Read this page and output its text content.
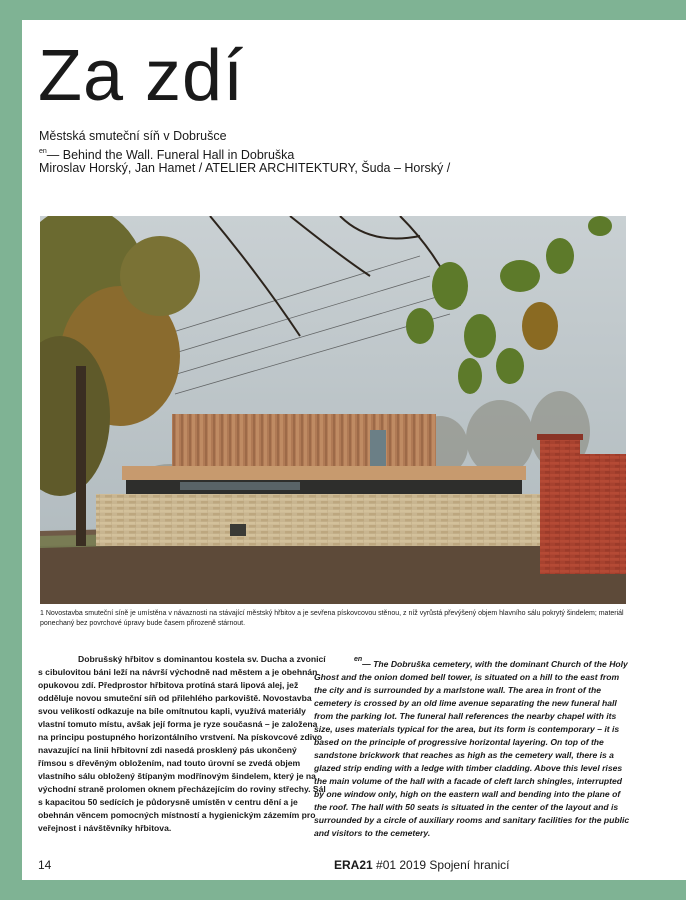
Za zdí
Městská smuteční síň v Dobrušce
$^{en}$— Behind the Wall. Funeral Hall in Dobruška
Miroslav Horský, Jan Hamet / ATELIER ARCHITEKTURY, Šuda – Horský /
1 Novostavba smuteční síně je umístěna v návaznosti na stávající městský hřbitov a je sevřena pískovcovou stěnou, z níž vyrůstá převýšený objem hlavního sálu pokrytý šindelem; materiál ponechaný bez povrchové úpravy bude časem přirozeně stárnout.

Dobrušský hřbitov s dominantou kostela sv. Ducha a zvonicí s cibulovitou báni leží na návrší východně nad městem a je obehnán opukovou zdí. Předprostor hřbitova protíná stará lipová alej, jež odděluje novou smuteční síň od přilehlého parkoviště. Novostavba svou velikostí odkazuje na bíle omítnutou kapli, využívá materiály vlastní tomuto místu, avšak její forma je ryze současná – je založena na principu postupného horizontálního vrstvení. Na pískovcové zdivo navazující na linii hřbitovní zdi nasedá prosklený pás ukončený římsou s dřevěným obložením, nad touto úrovní se zvedá objem vlastního sálu obložený štípaným modřínovým šindelem, který je na východní straně prolomen oknem přecházejícím do roviny střechy. Sál s kapacitou 50 sedících je půdorysně umístěn v centru dění a je obehnán věncem pomocných místností a hygienickým zázemím pro veřejnost i návštěvníky hřbitova.

$^{en}$— The Dobruška cemetery, with the dominant Church of the Holy Ghost and the onion domed bell tower, is situated on a hill to the east from the city and is surrounded by a marlstone wall. The area in front of the cemetery is crossed by an old lime avenue separating the new funeral hall from the parking lot. The funeral hall references the nearby chapel with its size, uses materials typical for the area, but its form is contemporary – it is based on the principle of progressive horizontal layering. On top of the sandstone brickwork that reaches as high as the cemetery wall, there is a glazed strip ending with a ledge with timber cladding. Above this level rises the main volume of the hall with a facade of cleft larch shingles, interrupted by one window only, high on the eastern wall and bending into the plane of the roof. The hall with 50 seats is situated in the center of the layout and is surrounded by a circle of auxiliary rooms and sanitary facilities for the public and visitors to the cemetery.

14	ERA21 #01 2019 Spojení hranicí
